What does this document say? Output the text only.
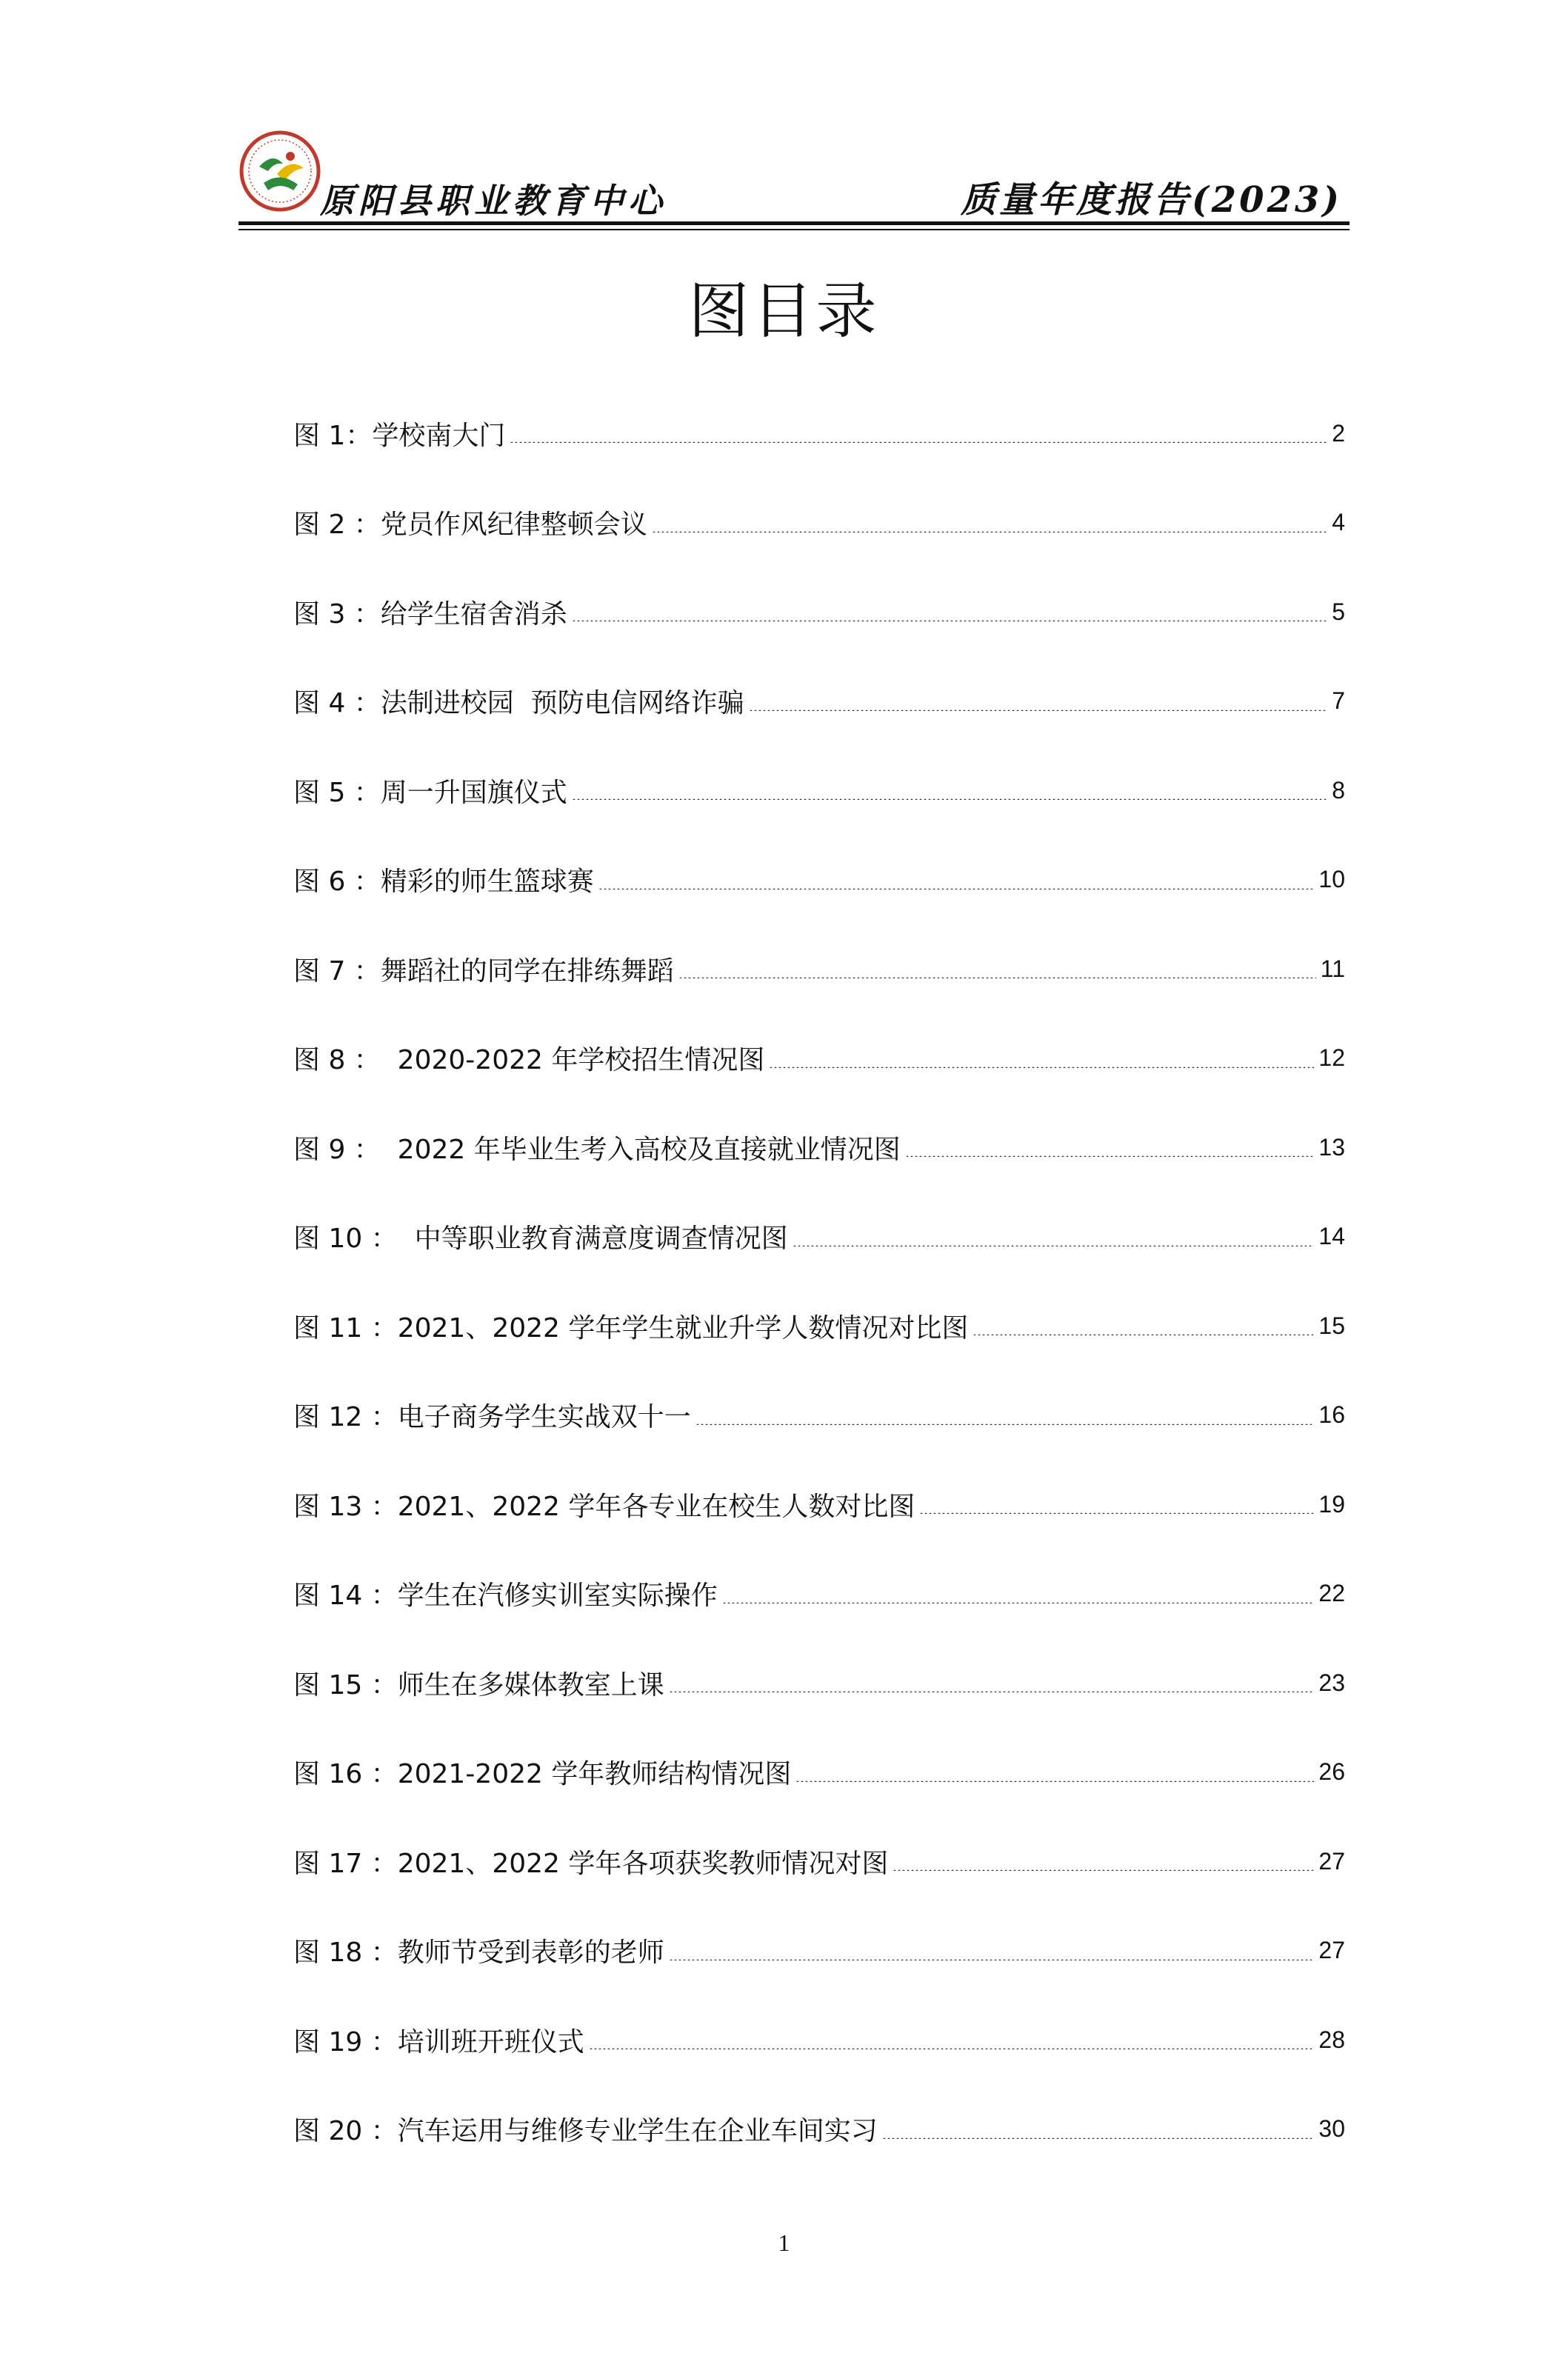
原阳县职业教育中心	质量年度报告(2023)
图目录
图 1： 学校南大门	2
图 2 ： 党员作风纪律整顿会议	4
图 3 ： 给学生宿舍消杀	5
图 4 ： 法制进校园  预防电信网络诈骗	7
图 5 ： 周一升国旗仪式	8
图 6 ： 精彩的师生篮球赛	10
图 7 ： 舞蹈社的同学在排练舞蹈	11
图 8 ： 2020-2022 年学校招生情况图	12
图 9 ： 2022 年毕业生考入高校及直接就业情况图	13
图 10 ： 中等职业教育满意度调查情况图	14
图 11 ： 2021、2022 学年学生就业升学人数情况对比图	15
图 12 ： 电子商务学生实战双十一	16
图 13 ： 2021、2022 学年各专业在校生人数对比图	19
图 14 ： 学生在汽修实训室实际操作	22
图 15 ： 师生在多媒体教室上课	23
图 16 ： 2021-2022 学年教师结构情况图	26
图 17 ： 2021、2022 学年各项获奖教师情况对图	27
图 18 ： 教师节受到表彰的老师	27
图 19 ： 培训班开班仪式	28
图 20 ： 汽车运用与维修专业学生在企业车间实习	30
1
